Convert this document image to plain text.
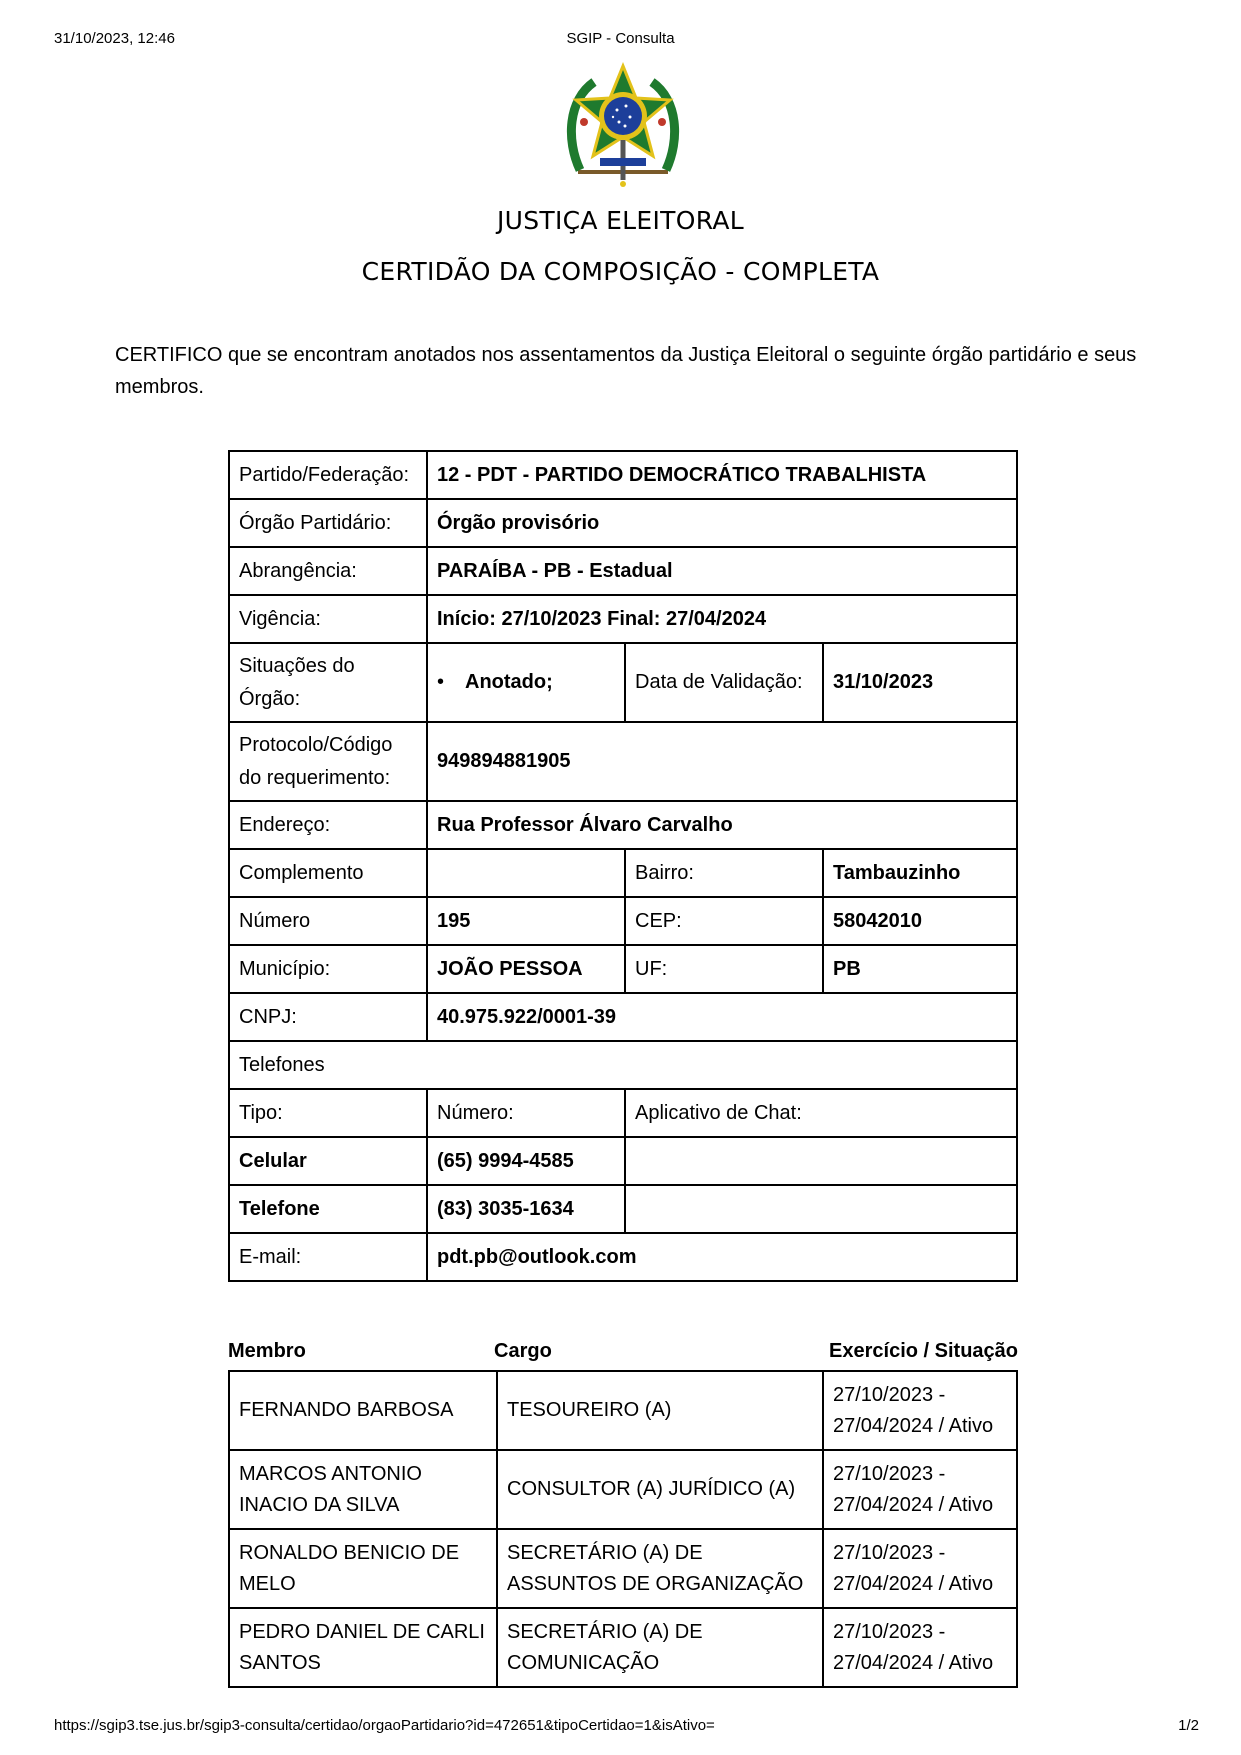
31/10/2023, 12:46	SGIP - Consulta
JUSTIÇA ELEITORAL
CERTIDÃO DA COMPOSIÇÃO - COMPLETA
CERTIFICO que se encontram anotados nos assentamentos da Justiça Eleitoral o seguinte órgão partidário e seus membros.
Partido/Federação:	12 - PDT - PARTIDO DEMOCRÁTICO TRABALHISTA		
Órgão Partidário:	Órgão provisório		
Abrangência:	PARAÍBA - PB - Estadual		
Vigência:	Início: 27/10/2023 Final: 27/04/2024		
Situações do Órgão:	• Anotado;	Data de Validação:	31/10/2023
Protocolo/Código do requerimento:	949894881905		
Endereço:	Rua Professor Álvaro Carvalho		
Complemento		Bairro:	Tambauzinho
Número	195	CEP:	58042010
Município:	JOÃO PESSOA	UF:	PB
CNPJ:	40.975.922/0001-39		
Telefones			
Tipo:	Número:	Aplicativo de Chat:	
Celular	(65) 9994-4585		
Telefone	(83) 3035-1634		
E-mail:	pdt.pb@outlook.com		
Membro	Cargo	Exercício / Situação
FERNANDO BARBOSA	TESOUREIRO (A)	27/10/2023 - 27/04/2024 / Ativo
MARCOS ANTONIO INACIO DA SILVA	CONSULTOR (A) JURÍDICO (A)	27/10/2023 - 27/04/2024 / Ativo
RONALDO BENICIO DE MELO	SECRETÁRIO (A) DE ASSUNTOS DE ORGANIZAÇÃO	27/10/2023 - 27/04/2024 / Ativo
PEDRO DANIEL DE CARLI SANTOS	SECRETÁRIO (A) DE COMUNICAÇÃO	27/10/2023 - 27/04/2024 / Ativo
https://sgip3.tse.jus.br/sgip3-consulta/certidao/orgaoPartidario?id=472651&tipoCertidao=1&isAtivo=	1/2
